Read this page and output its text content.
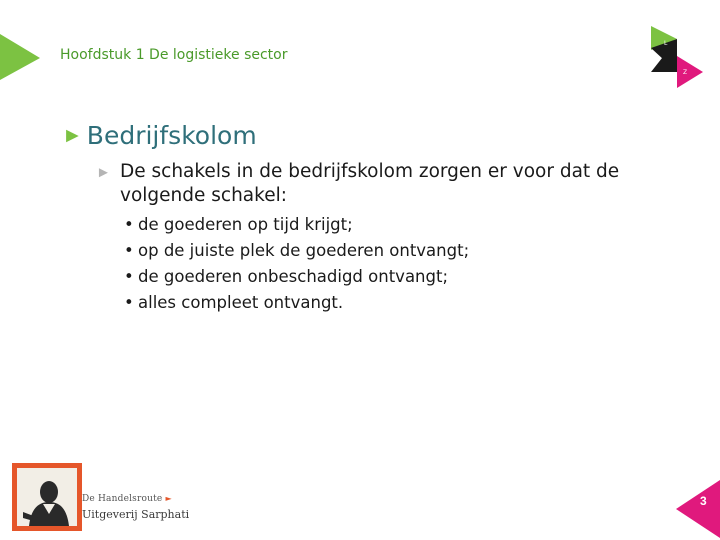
Hoofdstuk 1 De logistieke sector
L
Z
► Bedrijfskolom
► De schakels in de bedrijfskolom zorgen er voor dat de volgende schakel:
• de goederen op tijd krijgt;
• op de juiste plek de goederen ontvangt;
• de goederen onbeschadigd ontvangt;
• alles compleet ontvangt.
De Handelsroute ►
Uitgeverij Sarphati
3
